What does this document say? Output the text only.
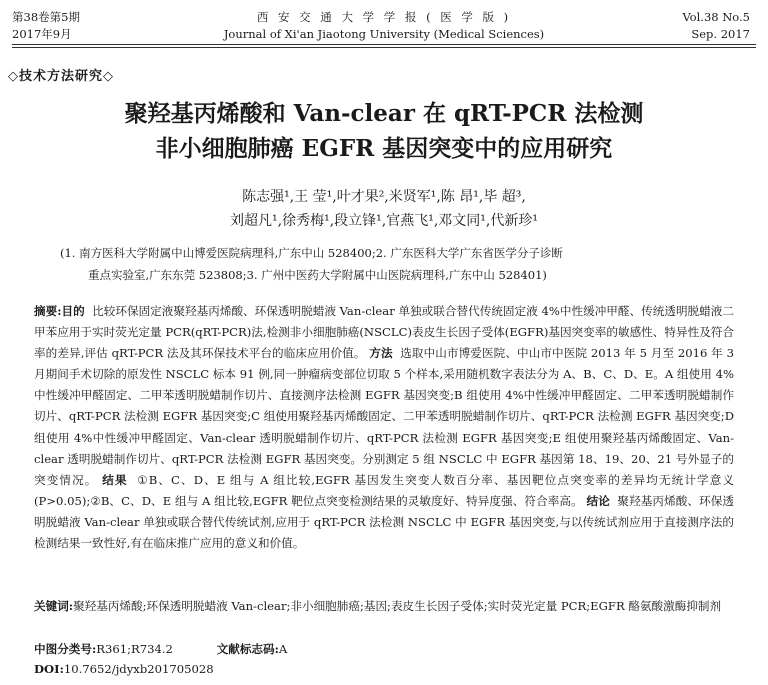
第38卷第5期
2017年9月
西 安 交 通 大 学 学 报 ( 医 学 版 )
Journal of Xi'an Jiaotong University (Medical Sciences)
Vol.38 No.5
Sep. 2017
◇技术方法研究◇
聚羟基丙烯酸和 Van-clear 在 qRT-PCR 法检测
非小细胞肺癌 EGFR 基因突变中的应用研究
陈志强¹,王 莹¹,叶才果²,米贤军¹,陈 昂¹,毕 超³,
刘超凡¹,徐秀梅¹,段立锋¹,官燕飞¹,邓文同¹,代新珍¹
(1. 南方医科大学附属中山博爱医院病理科,广东中山 528400;2. 广东医科大学广东省医学分子诊断
重点实验室,广东东莞 523808;3. 广州中医药大学附属中山医院病理科,广东中山 528401)
摘要:目的 比较环保固定液聚羟基丙烯酸、环保透明脱蜡液 Van-clear 单独或联合替代传统固定液 4%中性缓冲甲醛、传统透明脱蜡液二甲苯应用于实时荧光定量 PCR(qRT-PCR)法,检测非小细胞肺癌(NSCLC)表皮生长因子受体(EGFR)基因突变率的敏感性、特异性及符合率的差异,评估 qRT-PCR 法及其环保技术平台的临床应用价值。 方法 选取中山市博爱医院、中山市中医院 2013 年 5 月至 2016 年 3 月期间手术切除的原发性 NSCLC 标本 91 例,同一肿瘤病变部位切取 5 个样本,采用随机数字表法分为 A、B、C、D、E。A 组使用 4%中性缓冲甲醛固定、二甲苯透明脱蜡制作切片、直接测序法检测 EGFR 基因突变;B 组使用 4%中性缓冲甲醛固定、二甲苯透明脱蜡制作切片、qRT-PCR 法检测 EGFR 基因突变;C 组使用聚羟基丙烯酸固定、二甲苯透明脱蜡制作切片、qRT-PCR 法检测 EGFR 基因突变;D 组使用 4%中性缓冲甲醛固定、Van-clear 透明脱蜡制作切片、qRT-PCR 法检测 EGFR 基因突变;E 组使用聚羟基丙烯酸固定、Van-clear 透明脱蜡制作切片、qRT-PCR 法检测 EGFR 基因突变。分别测定 5 组 NSCLC 中 EGFR 基因第 18、19、20、21 号外显子的突变情况。 结果 ①B、C、D、E 组与 A 组比较,EGFR 基因发生突变人数百分率、基因靶位点突变率的差异均无统计学意义(P>0.05);②B、C、D、E 组与 A 组比较,EGFR 靶位点突变检测结果的灵敏度好、特异度强、符合率高。 结论 聚羟基丙烯酸、环保透明脱蜡液 Van-clear 单独或联合替代传统试剂,应用于 qRT-PCR 法检测 NSCLC 中 EGFR 基因突变,与以传统试剂应用于直接测序法的检测结果一致性好,有在临床推广应用的意义和价值。
关键词:聚羟基丙烯酸;环保透明脱蜡液 Van-clear;非小细胞肺癌;基因;表皮生长因子受体;实时荧光定量 PCR;EGFR 酪氨酸激酶抑制剂
中图分类号:R361;R734.2	文献标志码:A
DOI:10.7652/jdyxb201705028
